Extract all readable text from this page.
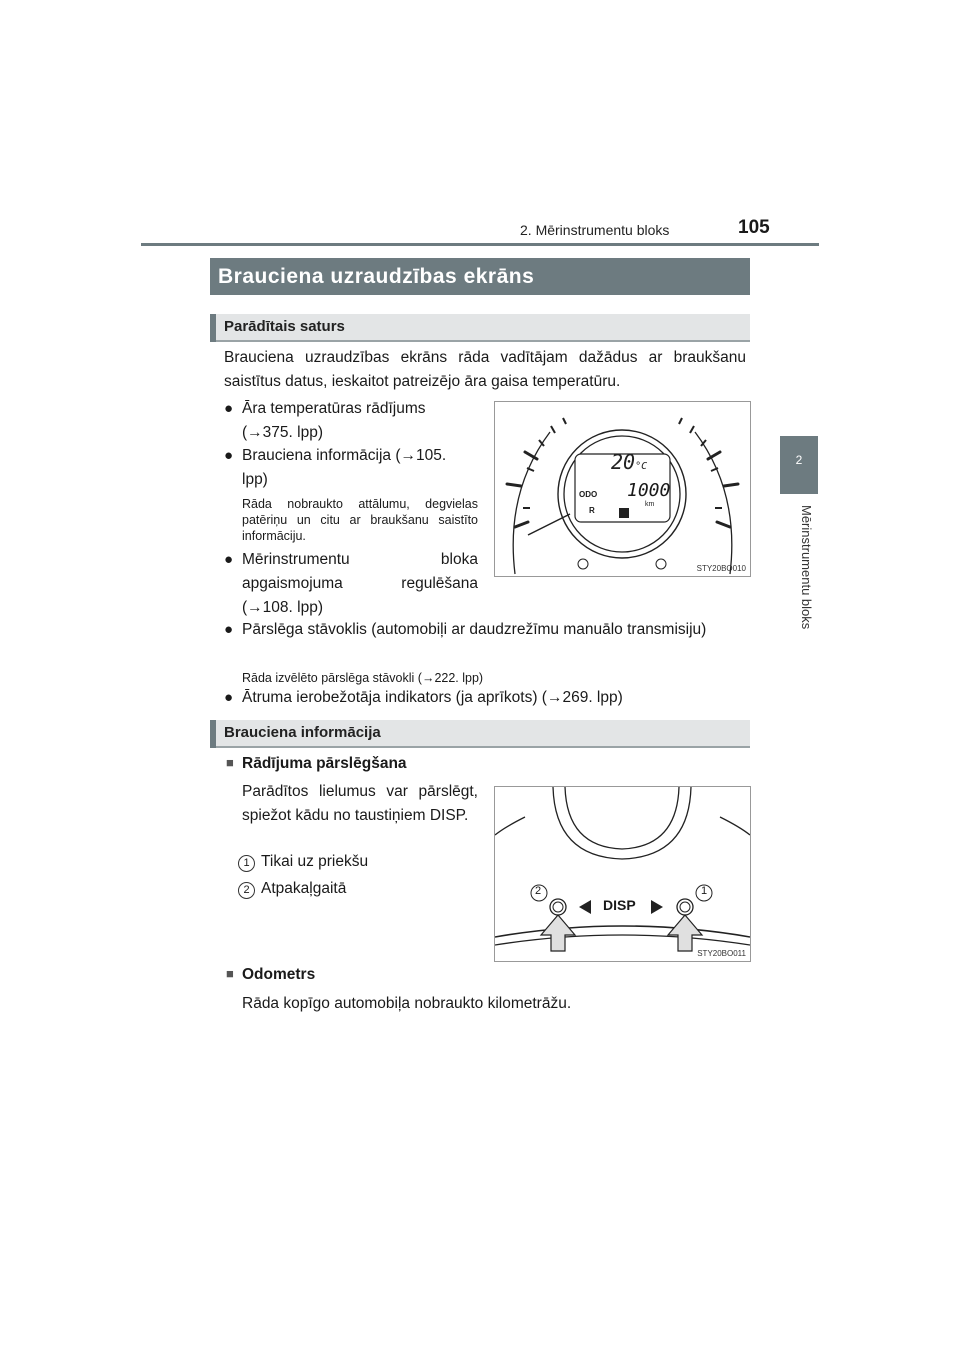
2. Mērinstrumentu bloks	105
2
Mērinstrumentu bloks
Brauciena uzraudzības ekrāns
Parādītais saturs
Brauciena uzraudzības ekrāns rāda vadītājam dažādus ar braukšanu saistītus datus, ieskaitot patreizējo āra gaisa temperatūru.
● Āra temperatūras rādījums
(→375. lpp)
● Brauciena informācija (→105.
lpp)
Rāda nobraukto attālumu, degvielas patēriņu un citu ar braukšanu saistīto informāciju.
● Mērinstrumentu bloka
apgaismojuma regulēšana
(→108. lpp)
● Pārslēga stāvoklis (automobiļi ar daudzrežīmu manuālo transmisiju)
Rāda izvēlēto pārslēga stāvokli (→222. lpp)
● Ātruma ierobežotāja indikators (ja aprīkots) (→269. lpp)
20°C
ODO 1000
km
R
STY20BO010
Brauciena informācija
■ Rādījuma pārslēgšana
Parādītos lielumus var pārslēgt, spiežot kādu no taustiņiem DISP.
1 Tikai uz priekšu
2 Atpakaļgaitā
DISP
2	1
STY20BO011
■ Odometrs
Rāda kopīgo automobiļa nobraukto kilometrāžu.
